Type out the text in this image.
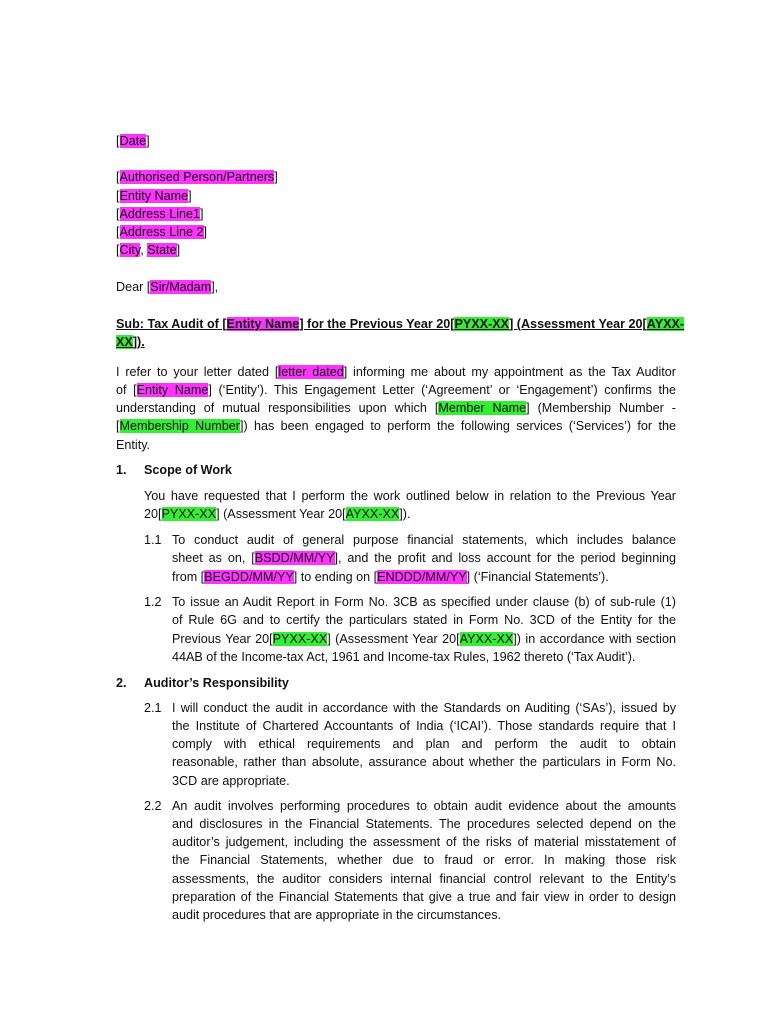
[Date]
[Authorised Person/Partners]
[Entity Name]
[Address Line1]
[Address Line 2]
[City, State]
Dear [Sir/Madam],
Sub: Tax Audit of [Entity Name] for the Previous Year 20[PYXX-XX] (Assessment Year 20[AYXX-
XX]).
I refer to your letter dated [letter dated] informing me about my appointment as the Tax Auditor
of [Entity Name] (‘Entity’). This Engagement Letter (‘Agreement’ or ‘Engagement’) confirms the
understanding of mutual responsibilities upon which [Member Name] (Membership Number -
[Membership Number]) has been engaged to perform the following services (‘Services’) for the
Entity.
1. Scope of Work
You have requested that I perform the work outlined below in relation to the Previous Year
20[PYXX-XX] (Assessment Year 20[AYXX-XX]).
1.1 To conduct audit of general purpose financial statements, which includes balance
sheet as on, [BSDD/MM/YY], and the profit and loss account for the period beginning
from [BEGDD/MM/YY] to ending on [ENDDD/MM/YY] (‘Financial Statements’).
1.2 To issue an Audit Report in Form No. 3CB as specified under clause (b) of sub-rule (1)
of Rule 6G and to certify the particulars stated in Form No. 3CD of the Entity for the
Previous Year 20[PYXX-XX] (Assessment Year 20[AYXX-XX]) in accordance with section
44AB of the Income-tax Act, 1961 and Income-tax Rules, 1962 thereto (‘Tax Audit’).
2. Auditor’s Responsibility
2.1 I will conduct the audit in accordance with the Standards on Auditing (‘SAs’), issued by
the Institute of Chartered Accountants of India (‘ICAI’). Those standards require that I
comply with ethical requirements and plan and perform the audit to obtain
reasonable, rather than absolute, assurance about whether the particulars in Form No.
3CD are appropriate.
2.2 An audit involves performing procedures to obtain audit evidence about the amounts
and disclosures in the Financial Statements. The procedures selected depend on the
auditor’s judgement, including the assessment of the risks of material misstatement of
the Financial Statements, whether due to fraud or error. In making those risk
assessments, the auditor considers internal financial control relevant to the Entity’s
preparation of the Financial Statements that give a true and fair view in order to design
audit procedures that are appropriate in the circumstances.
